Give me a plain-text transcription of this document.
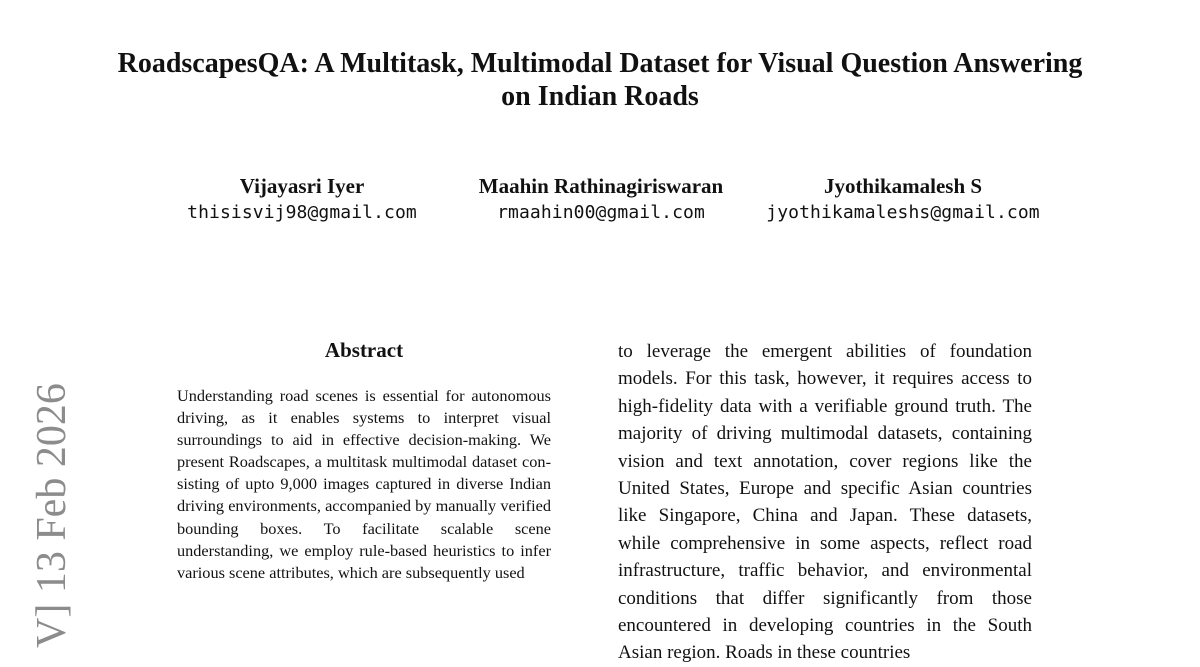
RoadscapesQA: A Multitask, Multimodal Dataset for Visual Question Answering on Indian Roads
Vijayasri Iyer
thisisvij98@gmail.com
Maahin Rathinagiriswaran
rmaahin00@gmail.com
Jyothikamalesh S
jyothikamaleshs@gmail.com
V] 13 Feb 2026
Abstract

Understanding road scenes is essential for autonomous driving, as it enables systems to interpret visual surroundings to aid in effective decision-making. We present Roadscapes, a multitask multimodal dataset consisting of upto 9,000 images captured in diverse Indian driving environments, accompanied by manually verified bounding boxes. To facilitate scalable scene understanding, we employ rule-based heuristics to infer various scene attributes, which are subsequently used

to leverage the emergent abilities of foundation models. For this task, however, it requires access to high-fidelity data with a verifiable ground truth. The majority of driving multimodal datasets, containing vision and text annotation, cover regions like the United States, Europe and specific Asian countries like Singapore, China and Japan. These datasets, while comprehensive in some aspects, reflect road infrastructure, traffic behavior, and environmental conditions that differ significantly from those encountered in developing countries in the South Asian region. Roads in these countries
